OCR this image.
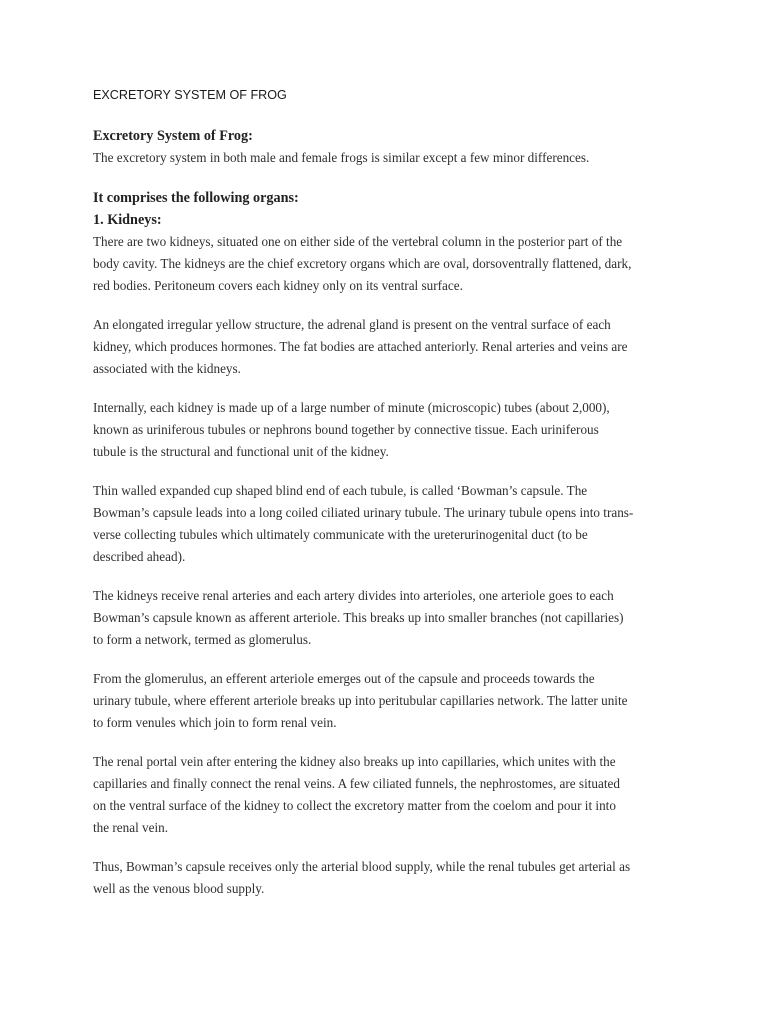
EXCRETORY SYSTEM OF FROG
Excretory System of Frog:

The excretory system in both male and female frogs is similar except a few minor differences.

It comprises the following organs:
1. Kidneys:

There are two kidneys, situated one on either side of the vertebral column in the posterior part of the
body cavity. The kidneys are the chief excretory organs which are oval, dorsoventrally flattened, dark,
red bodies. Peritoneum covers each kidney only on its ventral surface.

An elongated irregular yellow structure, the adrenal gland is present on the ventral surface of each
kidney, which produces hormones. The fat bodies are attached anteriorly. Renal arteries and veins are
associated with the kidneys.

Internally, each kidney is made up of a large number of minute (microscopic) tubes (about 2,000),
known as uriniferous tubules or nephrons bound together by connective tissue. Each uriniferous
tubule is the structural and functional unit of the kidney.

Thin walled expanded cup shaped blind end of each tubule, is called ‘Bowman’s capsule. The
Bowman’s capsule leads into a long coiled ciliated urinary tubule. The urinary tubule opens into trans-
verse collecting tubules which ultimately communicate with the ureterurinogenital duct (to be
described ahead).

The kidneys receive renal arteries and each artery divides into arterioles, one arteriole goes to each
Bowman’s capsule known as afferent arteriole. This breaks up into smaller branches (not capillaries)
to form a network, termed as glomerulus.

From the glomerulus, an efferent arteriole emerges out of the capsule and proceeds towards the
urinary tubule, where efferent arteriole breaks up into peritubular capillaries network. The latter unite
to form venules which join to form renal vein.

The renal portal vein after entering the kidney also breaks up into capillaries, which unites with the
capillaries and finally connect the renal veins. A few ciliated funnels, the nephrostomes, are situated
on the ventral surface of the kidney to collect the excretory matter from the coelom and pour it into
the renal vein.

Thus, Bowman’s capsule receives only the arterial blood supply, while the renal tubules get arterial as
well as the venous blood supply.
